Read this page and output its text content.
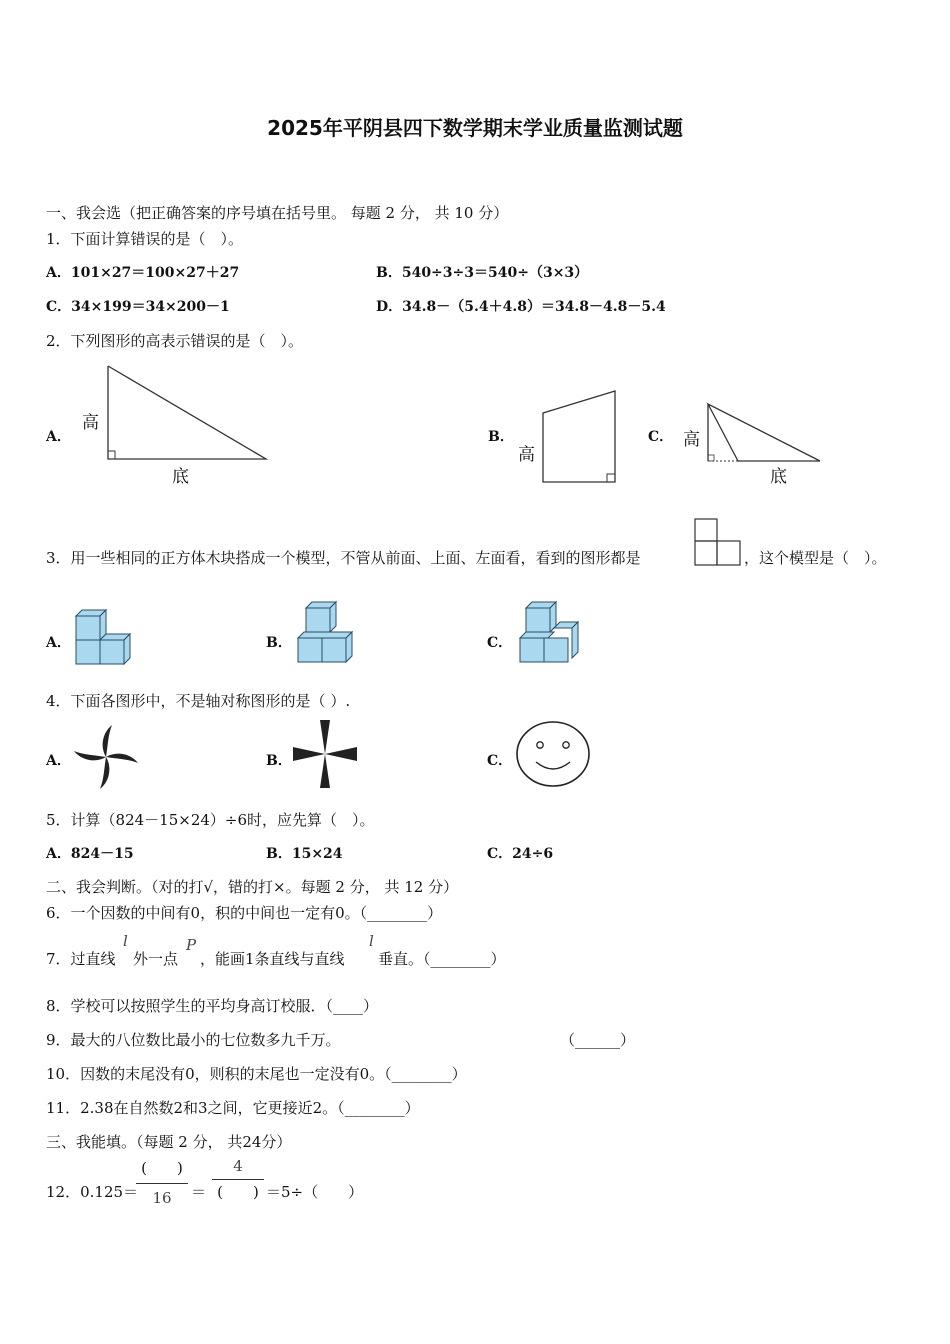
2025年平阴县四下数学期末学业质量监测试题
一、我会选（把正确答案的序号填在括号里。 每题 2 分， 共 10 分）
1．下面计算错误的是（　）。
A．101×27＝100×27＋27	B．540÷3÷3＝540÷（3×3）
C．34×199＝34×200－1	D．34.8－（5.4＋4.8）＝34.8－4.8－5.4
2．下列图形的高表示错误的是（　）。
A．
高
底
B．
高
C． 高
底
3．用一些相同的正方体木块搭成一个模型，不管从前面、上面、左面看，看到的图形都是	，这个模型是（　）。
A．	B．	C．
4．下面各图形中，不是轴对称图形的是（ ）.
A．	B．	C．
5．计算（824－15×24）÷6时，应先算（　）。
A．824－15	B．15×24	C．24÷6
二、我会判断。（对的打√，错的打×。每题 2 分， 共 12 分）
6．一个因数的中间有0，积的中间也一定有0。（________）
7．过直线
l
外一点
P
，能画1条直线与直线
l
垂直。（________）
8．学校可以按照学生的平均身高订校服．（____）
9．最大的八位数比最小的七位数多九千万。	（______）
10．因数的末尾没有0，则积的末尾也一定没有0。（________）
11．2.38在自然数2和3之间，它更接近2。（________）
三、我能填。（每题 2 分， 共24分）
12．0.125＝
(　　)
16	＝
4
(　　) ＝5÷（　　）
